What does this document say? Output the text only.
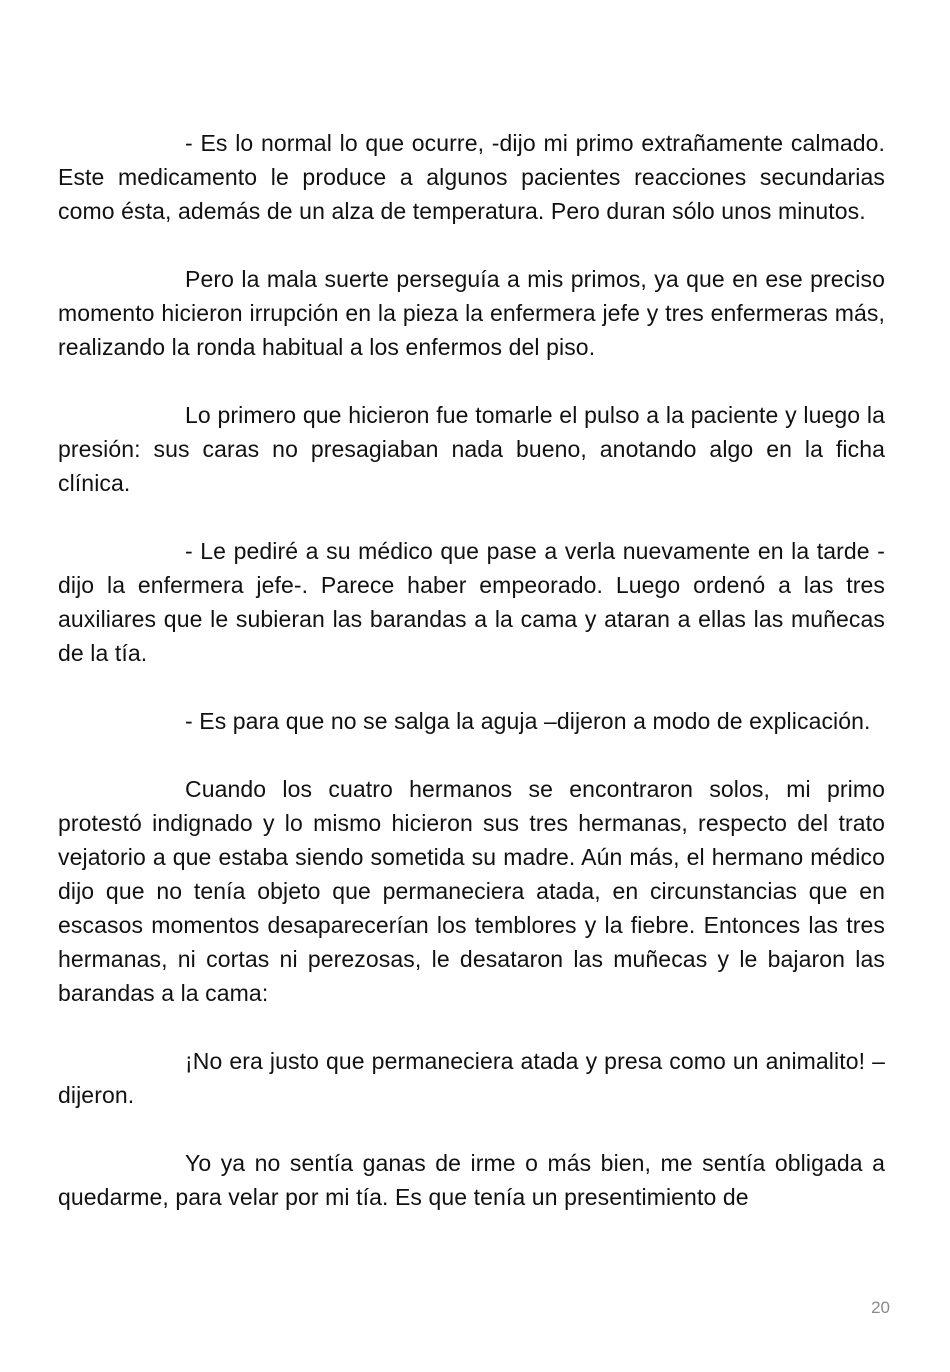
- Es lo normal lo que ocurre, -dijo mi primo extrañamente calmado. Este medicamento le produce a algunos pacientes reacciones secundarias como ésta, además de un alza de temperatura. Pero duran sólo unos minutos.

Pero la mala suerte perseguía a mis primos, ya que en ese preciso momento hicieron irrupción en la pieza la enfermera jefe y tres enfermeras más, realizando la ronda habitual a los enfermos del piso.

Lo primero que hicieron fue tomarle el pulso a la paciente y luego la presión: sus caras no presagiaban nada bueno, anotando algo en la ficha clínica.

- Le pediré a su médico que pase a verla nuevamente en la tarde -dijo la enfermera jefe-. Parece haber empeorado. Luego ordenó a las tres auxiliares que le subieran las barandas a la cama y ataran a ellas las muñecas de la tía.

- Es para que no se salga la aguja –dijeron a modo de explicación.

Cuando los cuatro hermanos se encontraron solos, mi primo protestó indignado y lo mismo hicieron sus tres hermanas, respecto del trato vejatorio a que estaba siendo sometida su madre. Aún más, el hermano médico dijo que no tenía objeto que permaneciera atada, en circunstancias que en escasos momentos desaparecerían los temblores y la fiebre. Entonces las tres hermanas, ni cortas ni perezosas, le desataron las muñecas y le bajaron las barandas a la cama:

¡No era justo que permaneciera atada y presa como un animalito! –dijeron.

Yo ya no sentía ganas de irme o más bien, me sentía obligada a quedarme, para velar por mi tía. Es que tenía un presentimiento de

20
